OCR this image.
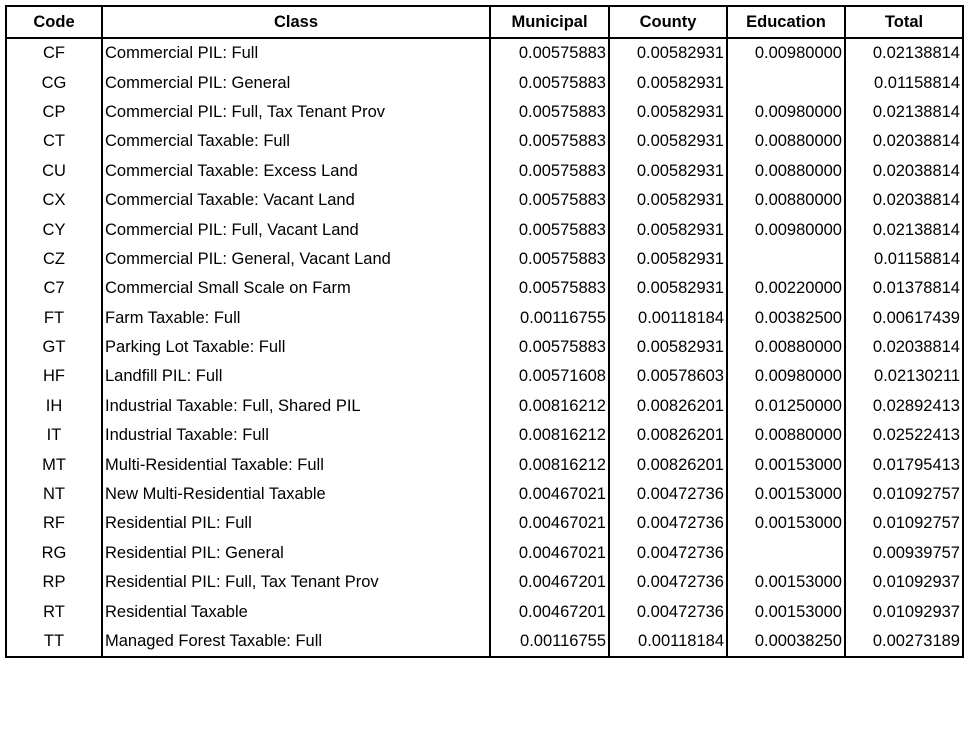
Code	Class	Municipal	County	Education	Total
CF	Commercial PIL: Full	0.00575883	0.00582931	0.00980000	0.02138814
CG	Commercial PIL: General	0.00575883	0.00582931		0.01158814
CP	Commercial PIL: Full, Tax Tenant Prov	0.00575883	0.00582931	0.00980000	0.02138814
CT	Commercial Taxable: Full	0.00575883	0.00582931	0.00880000	0.02038814
CU	Commercial Taxable: Excess Land	0.00575883	0.00582931	0.00880000	0.02038814
CX	Commercial Taxable: Vacant Land	0.00575883	0.00582931	0.00880000	0.02038814
CY	Commercial PIL: Full, Vacant Land	0.00575883	0.00582931	0.00980000	0.02138814
CZ	Commercial PIL: General, Vacant Land	0.00575883	0.00582931		0.01158814
C7	Commercial Small Scale on Farm	0.00575883	0.00582931	0.00220000	0.01378814
FT	Farm Taxable: Full	0.00116755	0.00118184	0.00382500	0.00617439
GT	Parking Lot Taxable: Full	0.00575883	0.00582931	0.00880000	0.02038814
HF	Landfill PIL: Full	0.00571608	0.00578603	0.00980000	0.02130211
IH	Industrial Taxable: Full, Shared PIL	0.00816212	0.00826201	0.01250000	0.02892413
IT	Industrial Taxable: Full	0.00816212	0.00826201	0.00880000	0.02522413
MT	Multi-Residential Taxable: Full	0.00816212	0.00826201	0.00153000	0.01795413
NT	New Multi-Residential Taxable	0.00467021	0.00472736	0.00153000	0.01092757
RF	Residential PIL: Full	0.00467021	0.00472736	0.00153000	0.01092757
RG	Residential PIL: General	0.00467021	0.00472736		0.00939757
RP	Residential PIL: Full, Tax Tenant Prov	0.00467201	0.00472736	0.00153000	0.01092937
RT	Residential Taxable	0.00467201	0.00472736	0.00153000	0.01092937
TT	Managed Forest Taxable: Full	0.00116755	0.00118184	0.00038250	0.00273189
